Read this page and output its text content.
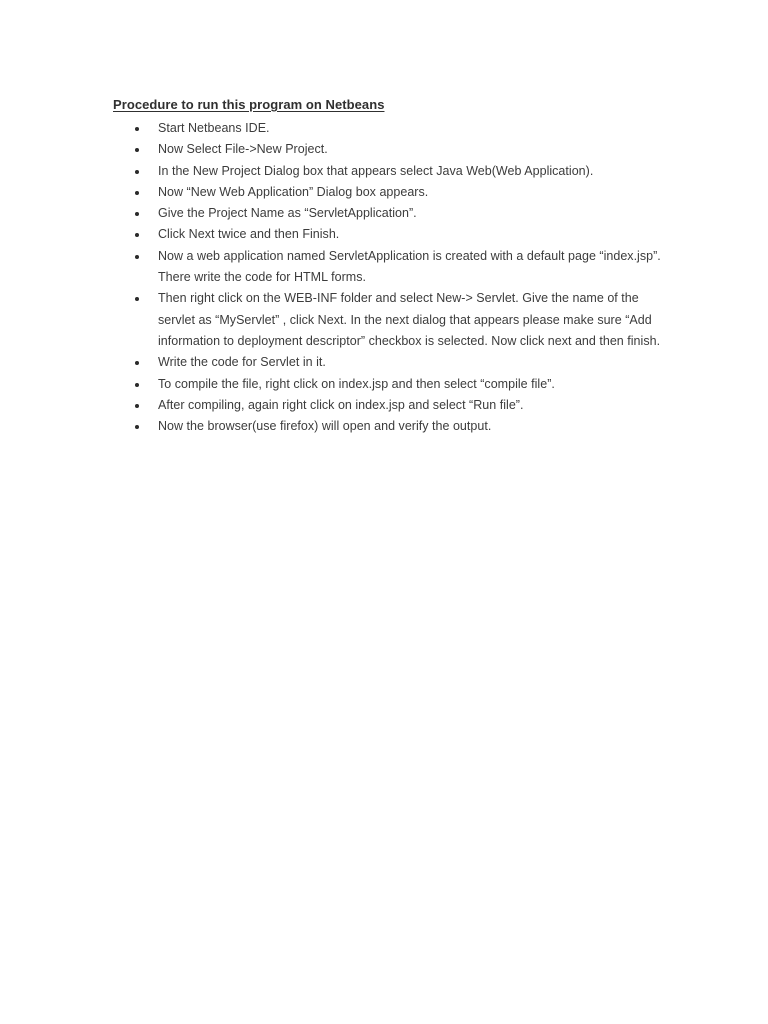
Procedure to run this program on Netbeans
Start Netbeans IDE.
Now Select File->New Project.
In the New Project Dialog box that appears select Java Web(Web Application).
Now “New Web Application” Dialog box appears.
Give the Project Name as “ServletApplication”.
Click Next twice and then Finish.
Now a web application named ServletApplication is created with a default page “index.jsp”. There write the code for HTML forms.
Then right click on the WEB-INF folder and select New-> Servlet. Give the name of the servlet as “MyServlet” , click Next. In the next dialog that appears please make sure “Add information to deployment descriptor” checkbox is selected. Now click next and then finish.
Write the code for Servlet in it.
To compile the file, right click on index.jsp and then select “compile file”.
After compiling, again right click on index.jsp and select “Run file”.
Now the browser(use firefox) will open and verify the output.
